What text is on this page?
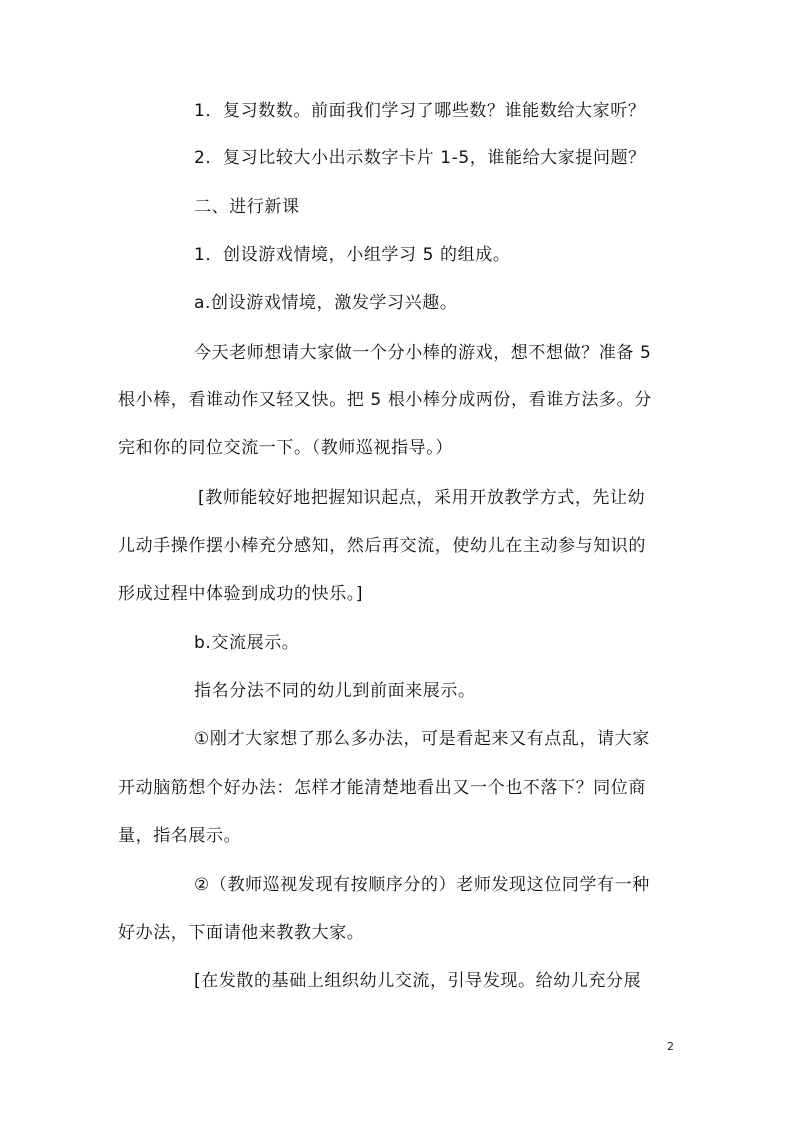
1．复习数数。前面我们学习了哪些数？谁能数给大家听？
2．复习比较大小出示数字卡片 1-5，谁能给大家提问题？
二、进行新课
1．创设游戏情境，小组学习 5 的组成。
a.创设游戏情境，激发学习兴趣。
今天老师想请大家做一个分小棒的游戏，想不想做？准备 5
根小棒，看谁动作又轻又快。把 5 根小棒分成两份，看谁方法多。分
完和你的同位交流一下。（教师巡视指导。）
[教师能较好地把握知识起点，采用开放教学方式，先让幼
儿动手操作摆小棒充分感知，然后再交流，使幼儿在主动参与知识的
形成过程中体验到成功的快乐。]
b.交流展示。
指名分法不同的幼儿到前面来展示。
①刚才大家想了那么多办法，可是看起来又有点乱，请大家
开动脑筋想个好办法：怎样才能清楚地看出又一个也不落下？同位商
量，指名展示。
②（教师巡视发现有按顺序分的）老师发现这位同学有一种
好办法，下面请他来教教大家。
[在发散的基础上组织幼儿交流，引导发现。给幼儿充分展
2
